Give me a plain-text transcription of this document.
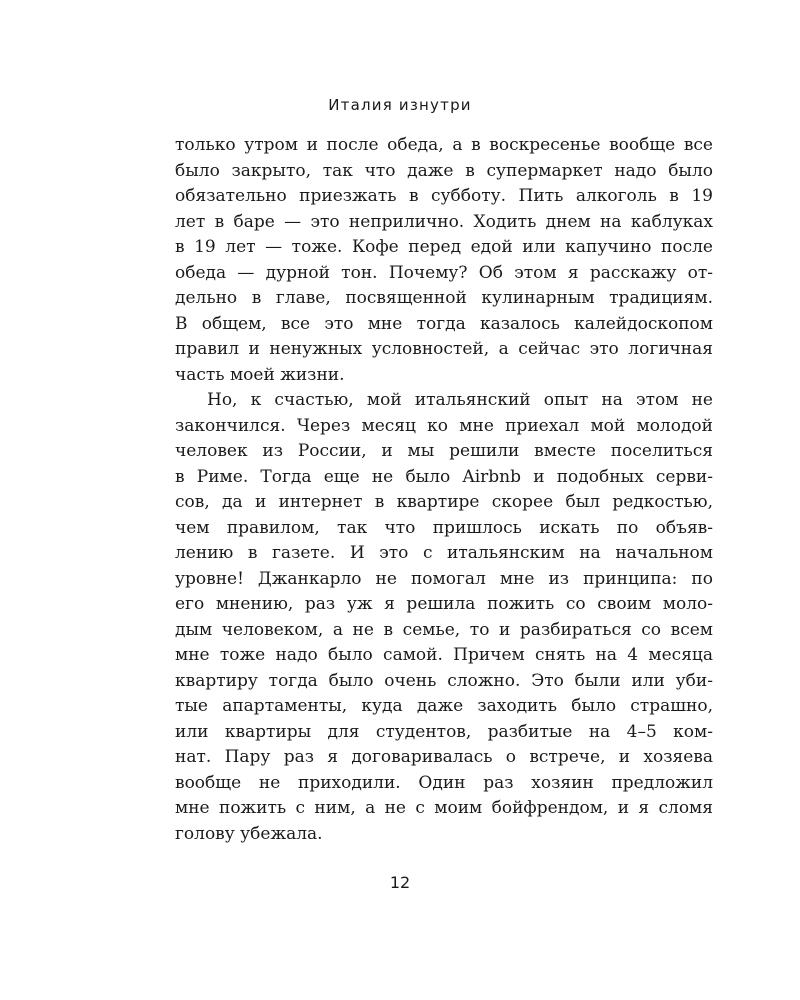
Италия изнутри
только утром и после обеда, а в воскресенье вообще все
было закрыто, так что даже в супермаркет надо было
обязательно приезжать в субботу. Пить алкоголь в 19
лет в баре — это неприлично. Ходить днем на каблуках
в 19 лет — тоже. Кофе перед едой или капучино после
обеда — дурной тон. Почему? Об этом я расскажу от-
дельно в главе, посвященной кулинарным традициям.
В общем, все это мне тогда казалось калейдоскопом
правил и ненужных условностей, а сейчас это логичная
часть моей жизни.
Но, к счастью, мой итальянский опыт на этом не
закончился. Через месяц ко мне приехал мой молодой
человек из России, и мы решили вместе поселиться
в Риме. Тогда еще не было Airbnb и подобных серви-
сов, да и интернет в квартире скорее был редкостью,
чем правилом, так что пришлось искать по объяв-
лению в газете. И это с итальянским на начальном
уровне! Джанкарло не помогал мне из принципа: по
его мнению, раз уж я решила пожить со своим моло-
дым человеком, а не в семье, то и разбираться со всем
мне тоже надо было самой. Причем снять на 4 месяца
квартиру тогда было очень сложно. Это были или уби-
тые апартаменты, куда даже заходить было страшно,
или квартиры для студентов, разбитые на 4–5 ком-
нат. Пару раз я договаривалась о встрече, и хозяева
вообще не приходили. Один раз хозяин предложил
мне пожить с ним, а не с моим бойфрендом, и я сломя
голову убежала.
12
